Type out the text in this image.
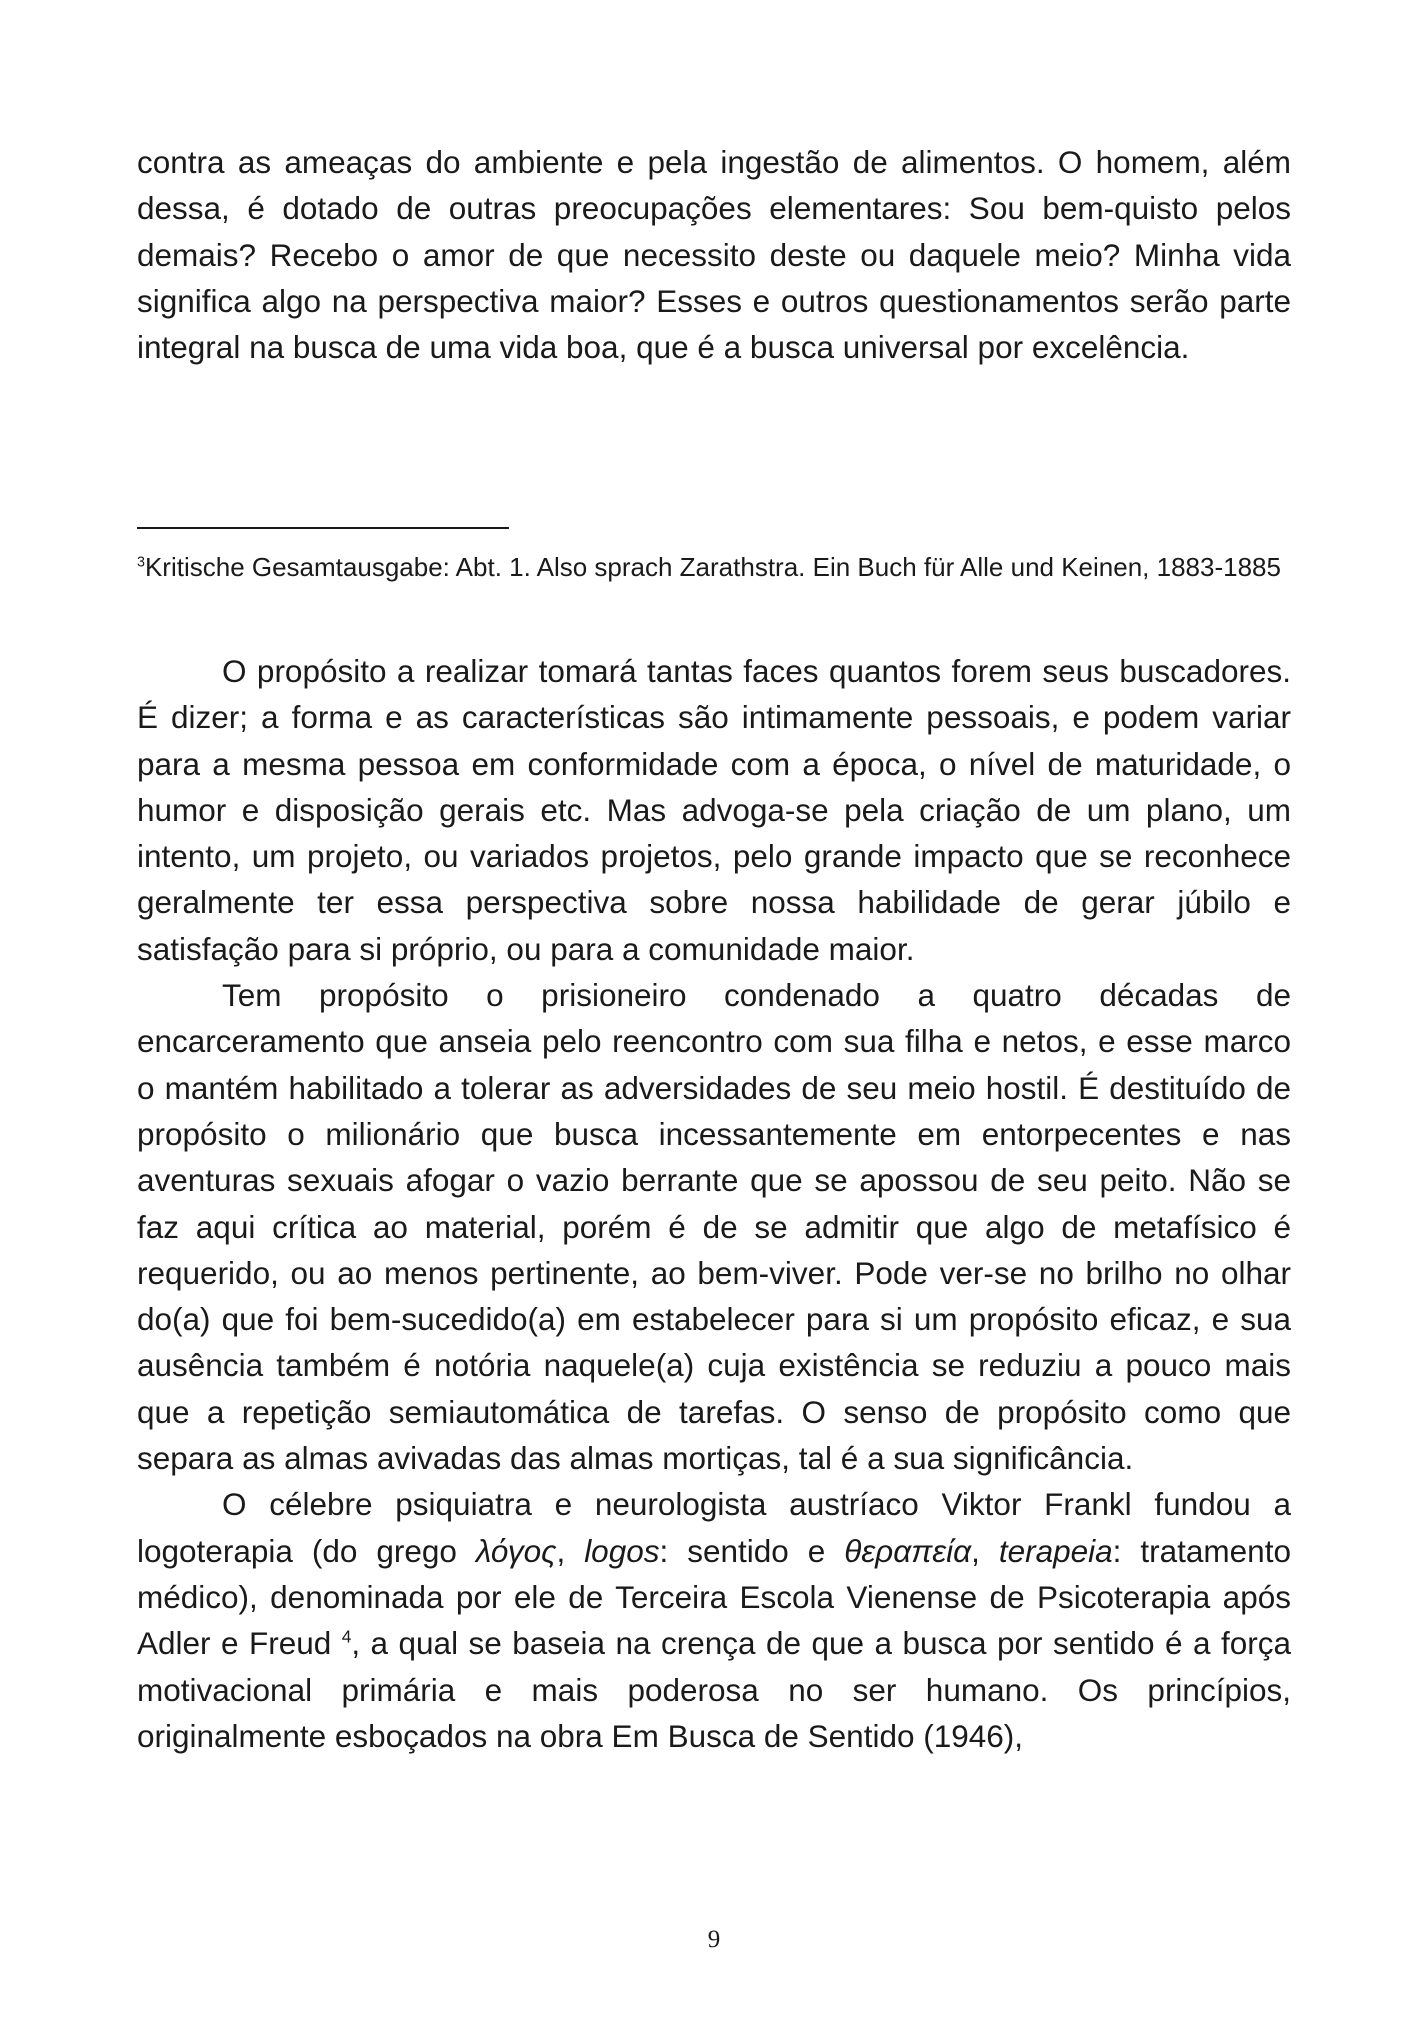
contra as ameaças do ambiente e pela ingestão de alimentos. O homem, além dessa, é dotado de outras preocupações elementares: Sou bem-quisto pelos demais? Recebo o amor de que necessito deste ou daquele meio? Minha vida significa algo na perspectiva maior? Esses e outros questionamentos serão parte integral na busca de uma vida boa, que é a busca universal por excelência.

$^3$Kritische Gesamtausgabe: Abt. 1. Also sprach Zarathstra. Ein Buch für Alle und Keinen, 1883-1885

O propósito a realizar tomará tantas faces quantos forem seus buscadores. É dizer; a forma e as características são intimamente pessoais, e podem variar para a mesma pessoa em conformidade com a época, o nível de maturidade, o humor e disposição gerais etc. Mas advoga-se pela criação de um plano, um intento, um projeto, ou variados projetos, pelo grande impacto que se reconhece geralmente ter essa perspectiva sobre nossa habilidade de gerar júbilo e satisfação para si próprio, ou para a comunidade maior.

Tem propósito o prisioneiro condenado a quatro décadas de encarceramento que anseia pelo reencontro com sua filha e netos, e esse marco o mantém habilitado a tolerar as adversidades de seu meio hostil. É destituído de propósito o milionário que busca incessantemente em entorpecentes e nas aventuras sexuais afogar o vazio berrante que se apossou de seu peito. Não se faz aqui crítica ao material, porém é de se admitir que algo de metafísico é requerido, ou ao menos pertinente, ao bem-viver. Pode ver-se no brilho no olhar do(a) que foi bem-sucedido(a) em estabelecer para si um propósito eficaz, e sua ausência também é notória naquele(a) cuja existência se reduziu a pouco mais que a repetição semiautomática de tarefas. O senso de propósito como que separa as almas avivadas das almas mortiças, tal é a sua significância.

O célebre psiquiatra e neurologista austríaco Viktor Frankl fundou a logoterapia (do grego λόγος, logos: sentido e θεραπεία, terapeia: tratamento médico), denominada por ele de Terceira Escola Vienense de Psicoterapia após Adler e Freud $^4$, a qual se baseia na crença de que a busca por sentido é a força motivacional primária e mais poderosa no ser humano. Os princípios, originalmente esboçados na obra Em Busca de Sentido (1946),

9
